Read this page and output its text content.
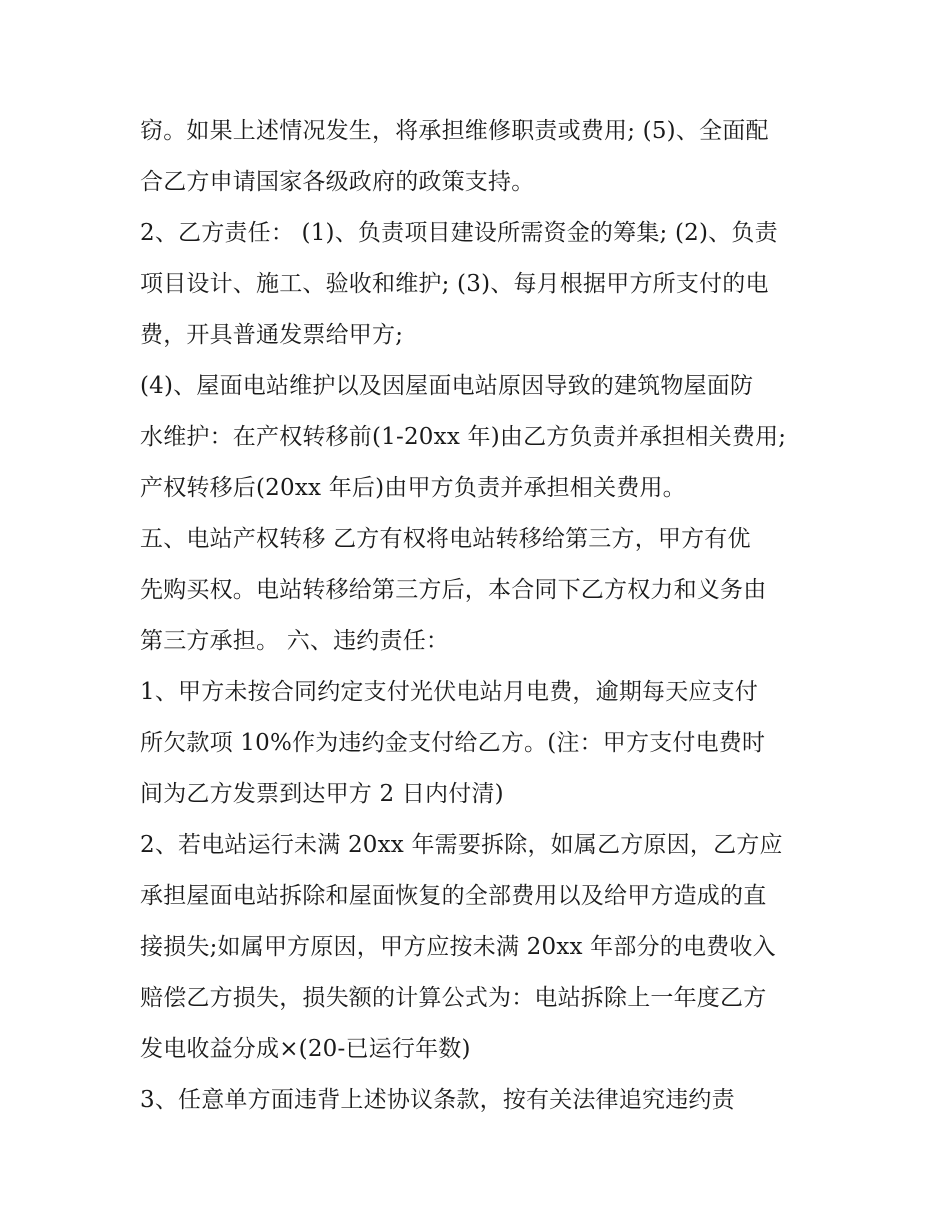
窃。如果上述情况发生，将承担维修职责或费用; (5)、全面配
合乙方申请国家各级政府的政策支持。
2、乙方责任： (1)、负责项目建设所需资金的筹集; (2)、负责
项目设计、施工、验收和维护; (3)、每月根据甲方所支付的电
费，开具普通发票给甲方;
(4)、屋面电站维护以及因屋面电站原因导致的建筑物屋面防
水维护：在产权转移前(1-20xx 年)由乙方负责并承担相关费用;
产权转移后(20xx 年后)由甲方负责并承担相关费用。
五、电站产权转移 乙方有权将电站转移给第三方，甲方有优
先购买权。电站转移给第三方后，本合同下乙方权力和义务由
第三方承担。 六、违约责任：
1、甲方未按合同约定支付光伏电站月电费，逾期每天应支付
所欠款项 10%作为违约金支付给乙方。(注：甲方支付电费时
间为乙方发票到达甲方 2 日内付清)
2、若电站运行未满 20xx 年需要拆除，如属乙方原因，乙方应
承担屋面电站拆除和屋面恢复的全部费用以及给甲方造成的直
接损失;如属甲方原因，甲方应按未满 20xx 年部分的电费收入
赔偿乙方损失，损失额的计算公式为：电站拆除上一年度乙方
发电收益分成×(20-已运行年数)
3、任意单方面违背上述协议条款，按有关法律追究违约责
